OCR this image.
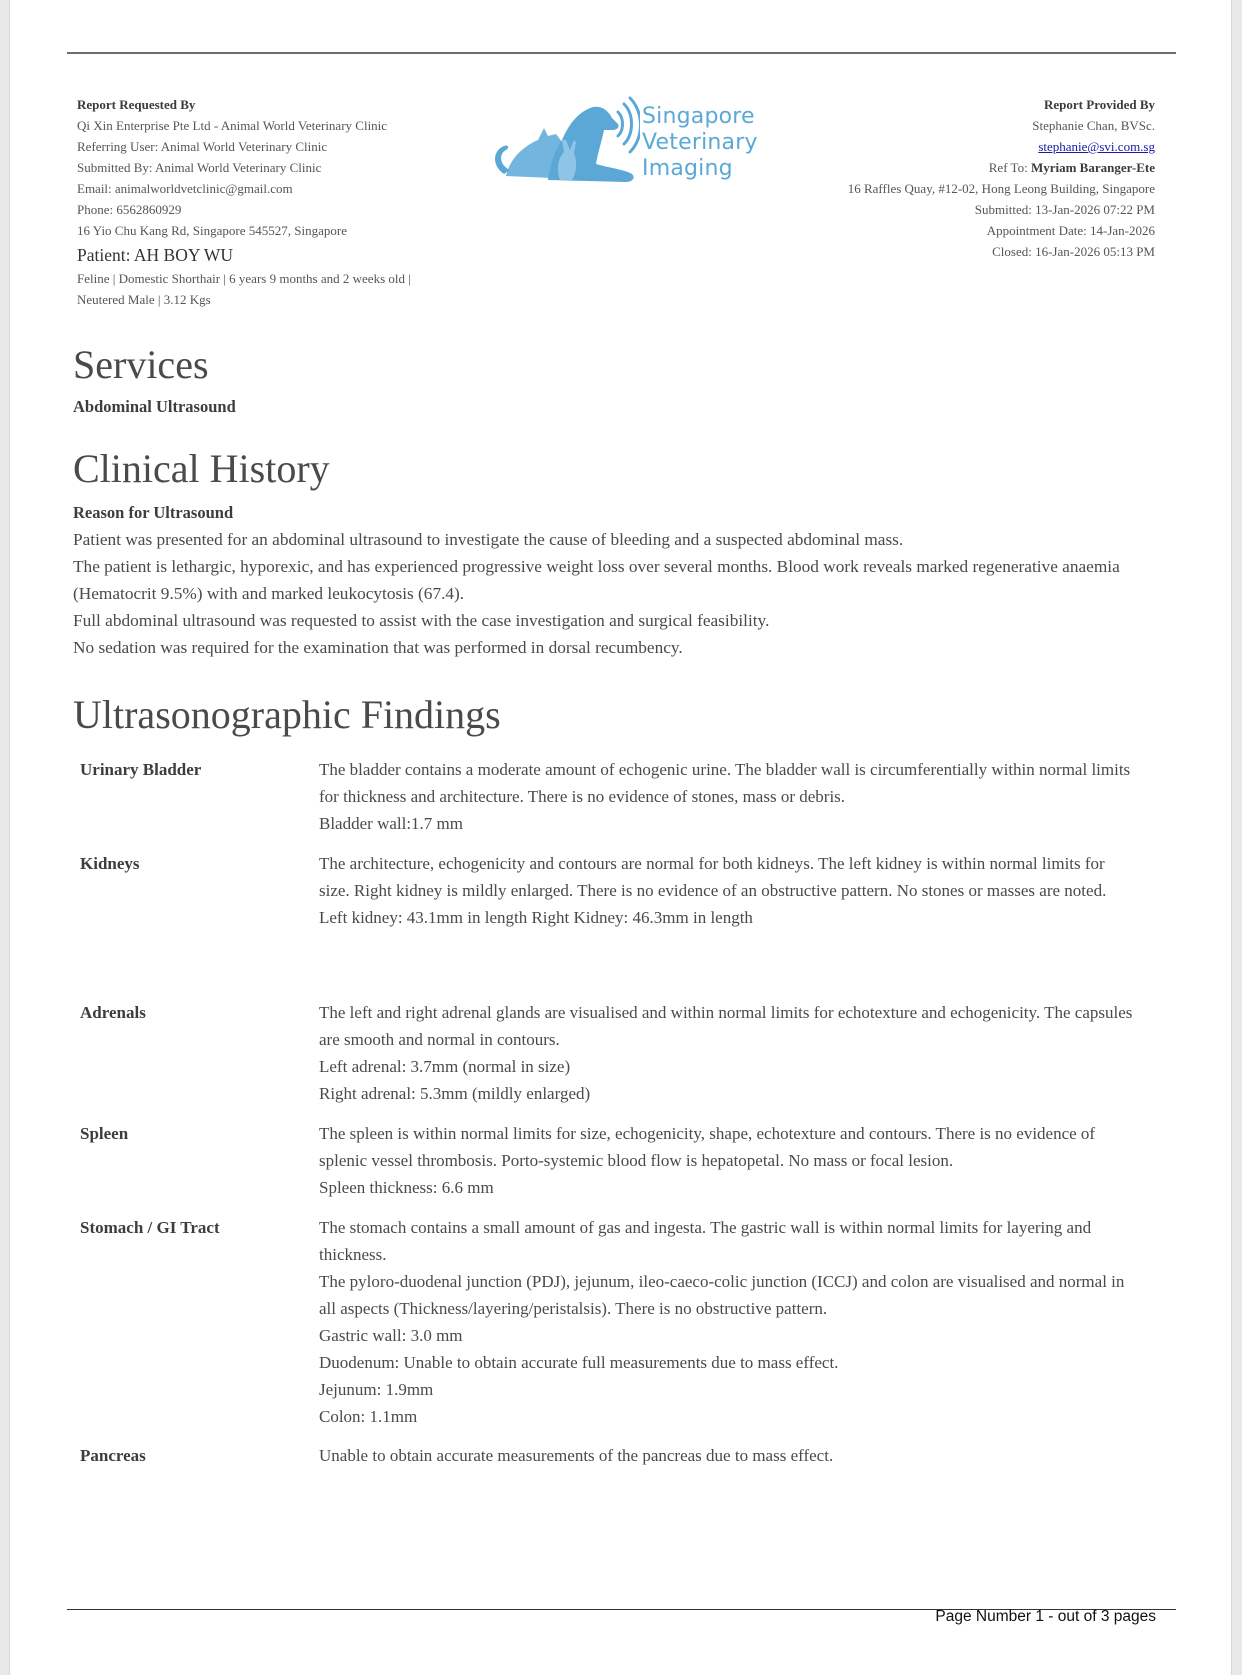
Report Requested By
Qi Xin Enterprise Pte Ltd - Animal World Veterinary Clinic
Referring User: Animal World Veterinary Clinic
Submitted By: Animal World Veterinary Clinic
Email: animalworldvetclinic@gmail.com
Phone: 6562860929
16 Yio Chu Kang Rd, Singapore 545527, Singapore
Patient: AH BOY WU
Feline | Domestic Shorthair | 6 years 9 months and 2 weeks old |
Neutered Male | 3.12 Kgs
Singapore
Veterinary
Imaging
Report Provided By
Stephanie Chan, BVSc.
stephanie@svi.com.sg
Ref To: Myriam Baranger-Ete
16 Raffles Quay, #12-02, Hong Leong Building, Singapore
Submitted: 13-Jan-2026 07:22 PM
Appointment Date: 14-Jan-2026
Closed: 16-Jan-2026 05:13 PM
Services
Abdominal Ultrasound
Clinical History
Reason for Ultrasound
Patient was presented for an abdominal ultrasound to investigate the cause of bleeding and a suspected abdominal mass.
The patient is lethargic, hyporexic, and has experienced progressive weight loss over several months. Blood work reveals marked regenerative anaemia (Hematocrit 9.5%) with and marked leukocytosis (67.4).
Full abdominal ultrasound was requested to assist with the case investigation and surgical feasibility.
No sedation was required for the examination that was performed in dorsal recumbency.
Ultrasonographic Findings
Urinary Bladder	The bladder contains a moderate amount of echogenic urine. The bladder wall is circumferentially within normal limits for thickness and architecture. There is no evidence of stones, mass or debris.
Bladder wall:1.7 mm
Kidneys	The architecture, echogenicity and contours are normal for both kidneys. The left kidney is within normal limits for size. Right kidney is mildly enlarged. There is no evidence of an obstructive pattern. No stones or masses are noted.
Left kidney: 43.1mm in length Right Kidney: 46.3mm in length
Adrenals	The left and right adrenal glands are visualised and within normal limits for echotexture and echogenicity. The capsules are smooth and normal in contours.
Left adrenal: 3.7mm (normal in size)
Right adrenal: 5.3mm (mildly enlarged)
Spleen	The spleen is within normal limits for size, echogenicity, shape, echotexture and contours. There is no evidence of splenic vessel thrombosis. Porto-systemic blood flow is hepatopetal. No mass or focal lesion.
Spleen thickness: 6.6 mm
Stomach / GI Tract	The stomach contains a small amount of gas and ingesta. The gastric wall is within normal limits for layering and thickness.
The pyloro-duodenal junction (PDJ), jejunum, ileo-caeco-colic junction (ICCJ) and colon are visualised and normal in all aspects (Thickness/layering/peristalsis). There is no obstructive pattern.
Gastric wall: 3.0 mm
Duodenum: Unable to obtain accurate full measurements due to mass effect.
Jejunum: 1.9mm
Colon: 1.1mm
Pancreas	Unable to obtain accurate measurements of the pancreas due to mass effect.
Page Number 1 - out of 3 pages
